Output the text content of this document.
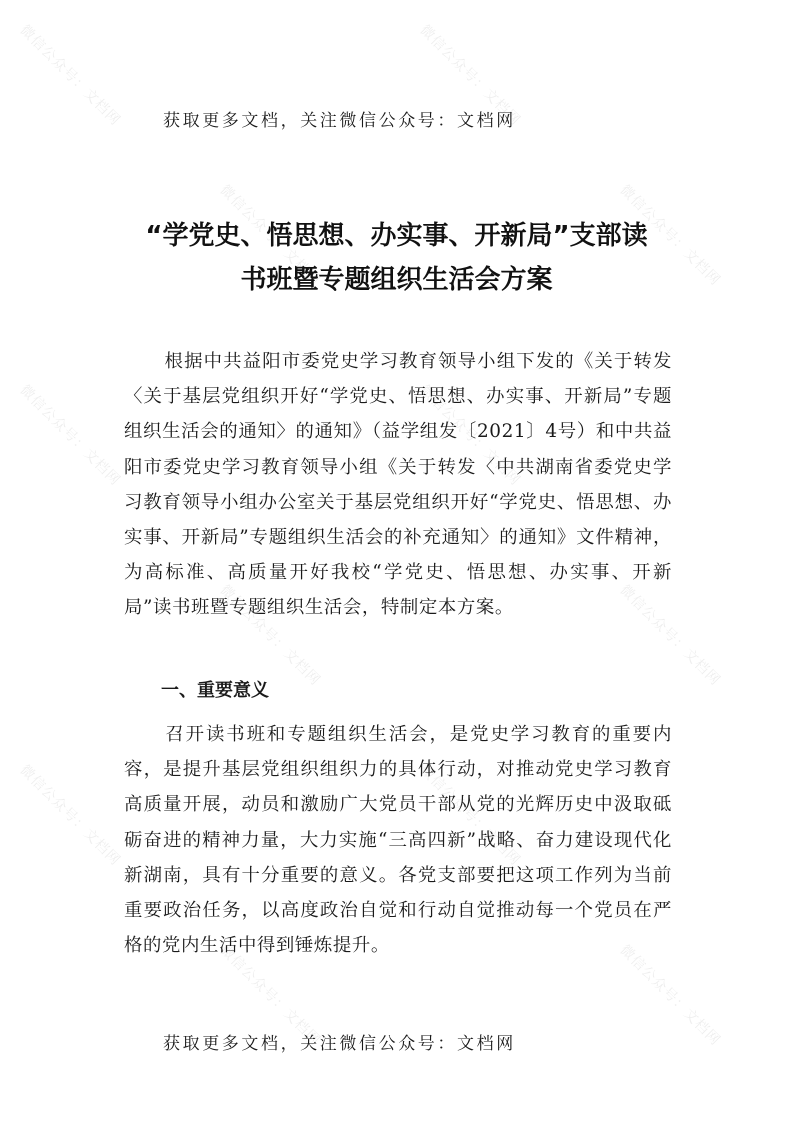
微信公众号：文档网	微信公众号：文档网
微信公众号：文档网	微信公众号：文档网
微信公众号：文档网	微信公众号：文档网
微信公众号：文档网	微信公众号：文档网
微信公众号：文档网	微信公众号：文档网
微信公众号：文档网	微信公众号：文档网
获取更多文档，关注微信公众号：文档网
“学党史、悟思想、办实事、开新局”支部读
书班暨专题组织生活会方案

根据中共益阳市委党史学习教育领导小组下发的《关于转发〈关于基层党组织开好“学党史、悟思想、办实事、开新局”专题组织生活会的通知〉的通知》（益学组发〔2021〕4号）和中共益阳市委党史学习教育领导小组《关于转发〈中共湖南省委党史学习教育领导小组办公室关于基层党组织开好“学党史、悟思想、办实事、开新局”专题组织生活会的补充通知〉的通知》文件精神，为高标准、高质量开好我校“学党史、悟思想、办实事、开新局”读书班暨专题组织生活会，特制定本方案。

一、重要意义

召开读书班和专题组织生活会，是党史学习教育的重要内容，是提升基层党组织组织力的具体行动，对推动党史学习教育高质量开展，动员和激励广大党员干部从党的光辉历史中汲取砥砺奋进的精神力量，大力实施“三高四新”战略、奋力建设现代化新湖南，具有十分重要的意义。各党支部要把这项工作列为当前重要政治任务，以高度政治自觉和行动自觉推动每一个党员在严格的党内生活中得到锤炼提升。

获取更多文档，关注微信公众号：文档网
